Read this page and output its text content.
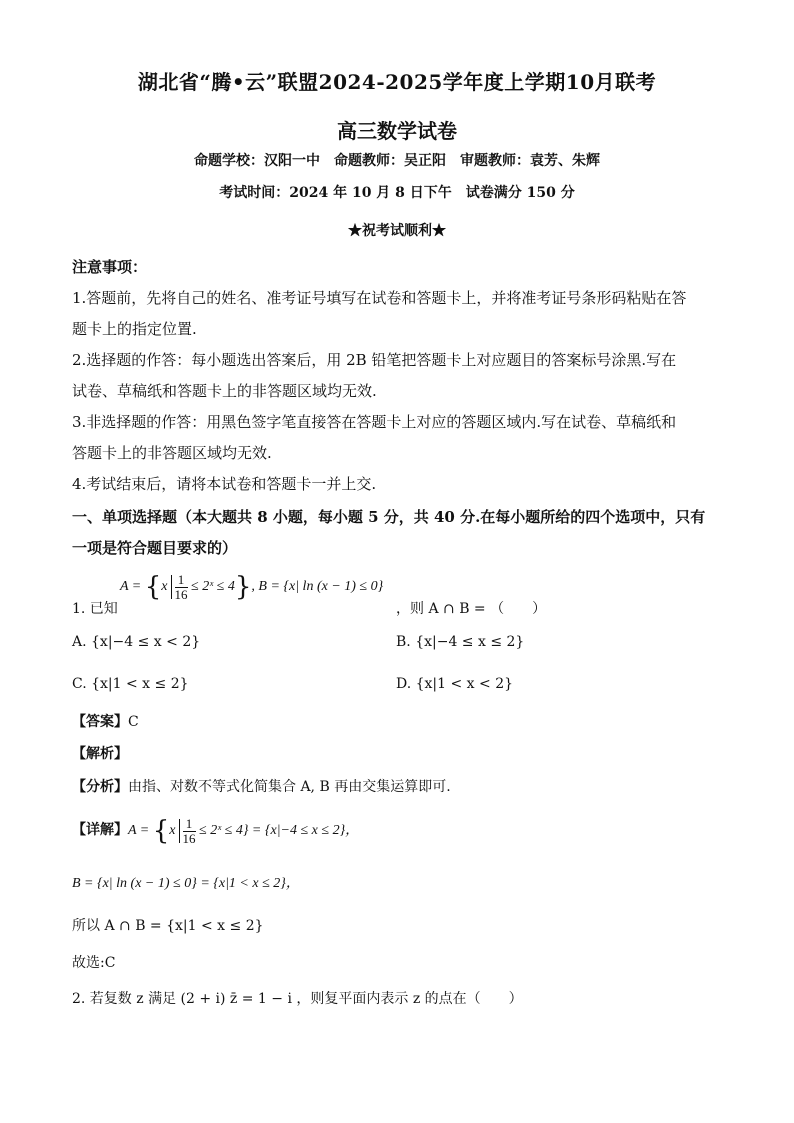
湖北省“腾•云”联盟2024-2025学年度上学期10月联考
高三数学试卷
命题学校：汉阳一中　命题教师：吴正阳　审题教师：袁芳、朱辉
考试时间：2024 年 10 月 8 日下午　试卷满分 150 分
★祝考试顺利★
注意事项：
1.答题前，先将自己的姓名、准考证号填写在试卷和答题卡上，并将准考证号条形码粘贴在答
题卡上的指定位置.
2.选择题的作答：每小题选出答案后，用 2B 铅笔把答题卡上对应题目的答案标号涂黑.写在
试卷、草稿纸和答题卡上的非答题区域均无效.
3.非选择题的作答：用黑色签字笔直接答在答题卡上对应的答题区域内.写在试卷、草稿纸和
答题卡上的非答题区域均无效.
4.考试结束后，请将本试卷和答题卡一并上交.
一、单项选择题（本大题共 8 小题，每小题 5 分，共 40 分.在每小题所给的四个选项中，只有
一项是符合题目要求的）
1. 已知
$A = \{x \frac{1}{16}$ ≤ 2ˣ ≤ 4}, B = {x| ln (x − 1) ≤ 0}
，则 A ∩ B = （　　）
A. {x|−4 ≤ x < 2}	B. {x|−4 ≤ x ≤ 2}
C. {x|1 < x ≤ 2}	D. {x|1 < x < 2}
【答案】C
【解析】
【分析】由指、对数不等式化简集合 A, B 再由交集运算即可.
【详解】$A = \{x \frac{1}{16}$ ≤ 2ˣ ≤ 4} = {x|−4 ≤ x ≤ 2}，
B = {x| ln (x − 1) ≤ 0} = {x|1 < x ≤ 2}，
所以 A ∩ B = {x|1 < x ≤ 2}
故选:C
2. 若复数 z 满足 (2 + i) z̄ = 1 − i ，则复平面内表示 z 的点在（　　）
